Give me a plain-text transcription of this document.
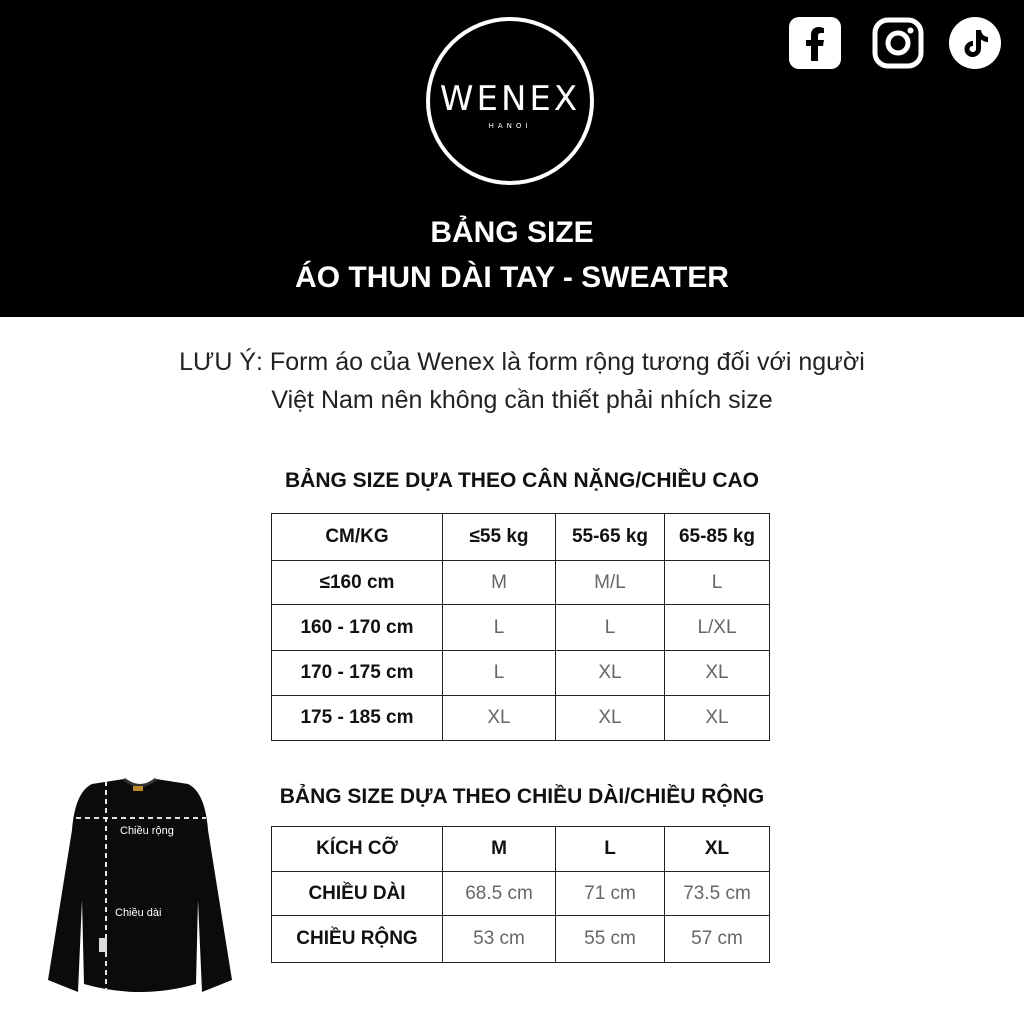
WENEX
HANOI
BẢNG SIZE
ÁO THUN DÀI TAY - SWEATER
LƯU Ý: Form áo của Wenex là form rộng tương đối với người
Việt Nam nên không cần thiết phải nhích size
BẢNG SIZE DỰA THEO CÂN NẶNG/CHIỀU CAO
CM/KG	≤55 kg	55-65 kg	65-85 kg
≤160 cm	M	M/L	L
160 - 170 cm	L	L	L/XL
170 - 175 cm	L	XL	XL
175 - 185 cm	XL	XL	XL
BẢNG SIZE DỰA THEO CHIỀU DÀI/CHIỀU RỘNG
KÍCH CỠ	M	L	XL
CHIỀU DÀI	68.5 cm	71 cm	73.5 cm
CHIỀU RỘNG	53 cm	55 cm	57 cm
Chiều rộng
Chiều dài
